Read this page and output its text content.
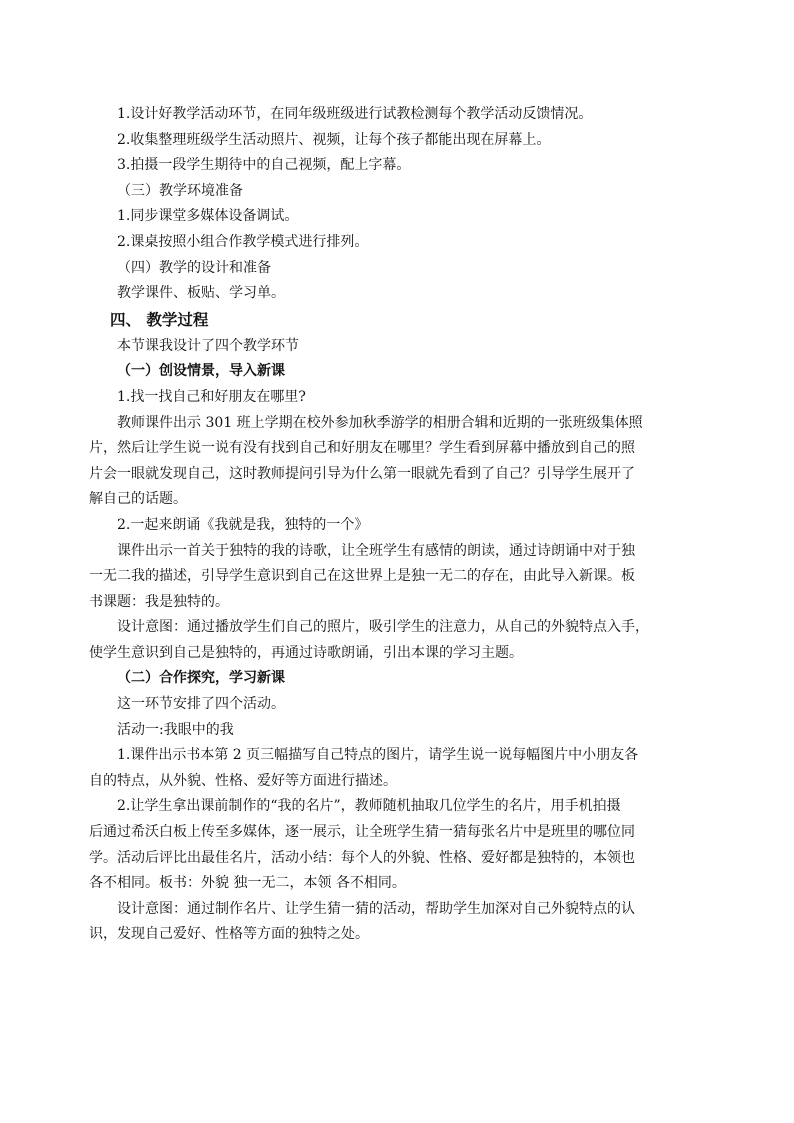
1.设计好教学活动环节，在同年级班级进行试教检测每个教学活动反馈情况。

2.收集整理班级学生活动照片、视频，让每个孩子都能出现在屏幕上。

3.拍摄一段学生期待中的自己视频，配上字幕。

（三）教学环境准备

1.同步课堂多媒体设备调试。

2.课桌按照小组合作教学模式进行排列。

（四）教学的设计和准备

教学课件、板贴、学习单。

四、 教学过程

本节课我设计了四个教学环节

（一）创设情景，导入新课

1.找一找自己和好朋友在哪里?

教师课件出示 301 班上学期在校外参加秋季游学的相册合辑和近期的一张班级集体照

片，然后让学生说一说有没有找到自己和好朋友在哪里？学生看到屏幕中播放到自己的照

片会一眼就发现自己，这时教师提问引导为什么第一眼就先看到了自己？引导学生展开了

解自己的话题。

2.一起来朗诵《我就是我，独特的一个》

课件出示一首关于独特的我的诗歌，让全班学生有感情的朗读，通过诗朗诵中对于独

一无二我的描述，引导学生意识到自己在这世界上是独一无二的存在，由此导入新课。板

书课题：我是独特的。

设计意图：通过播放学生们自己的照片，吸引学生的注意力，从自己的外貌特点入手，

使学生意识到自己是独特的，再通过诗歌朗诵，引出本课的学习主题。

（二）合作探究，学习新课

这一环节安排了四个活动。

活动一:我眼中的我

1.课件出示书本第 2 页三幅描写自己特点的图片，请学生说一说每幅图片中小朋友各

自的特点，从外貌、性格、爱好等方面进行描述。

2.让学生拿出课前制作的“我的名片”，教师随机抽取几位学生的名片，用手机拍摄

后通过希沃白板上传至多媒体，逐一展示，让全班学生猜一猜每张名片中是班里的哪位同

学。活动后评比出最佳名片，活动小结：每个人的外貌、性格、爱好都是独特的，本领也

各不相同。板书：外貌 独一无二，本领 各不相同。

设计意图：通过制作名片、让学生猜一猜的活动，帮助学生加深对自己外貌特点的认

识，发现自己爱好、性格等方面的独特之处。
